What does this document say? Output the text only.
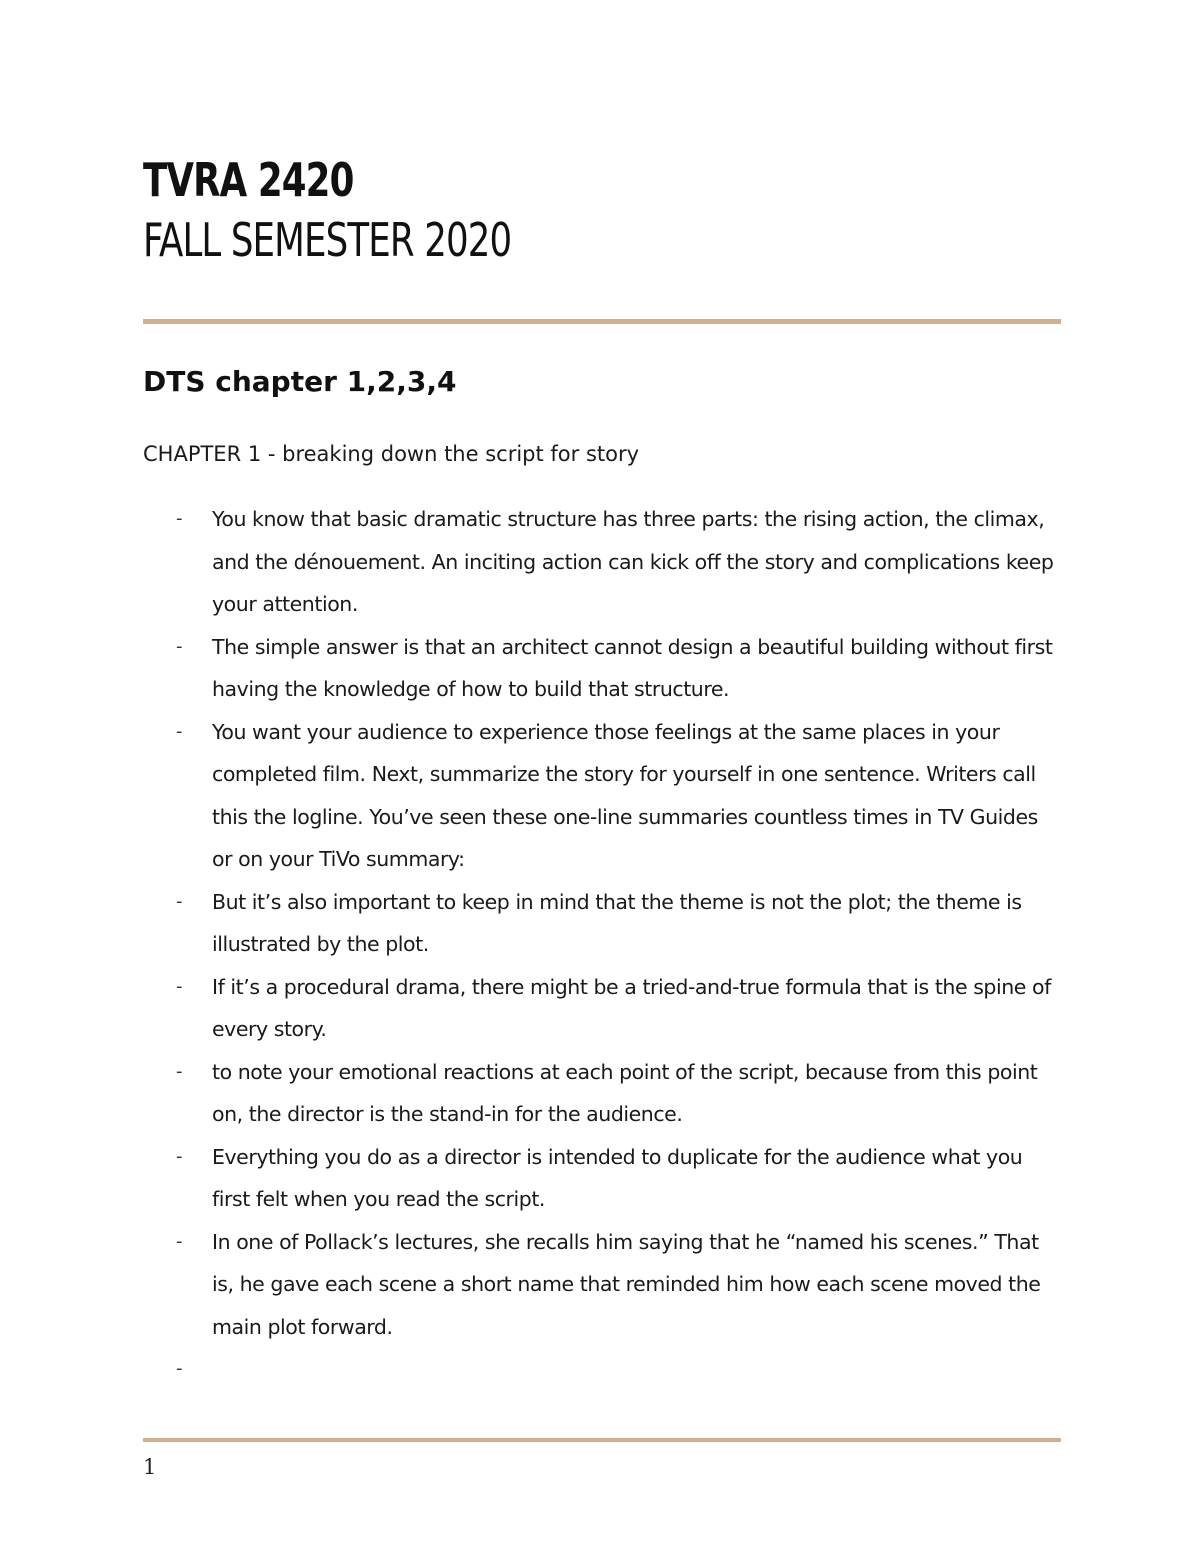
TVRA 2420
FALL SEMESTER 2020
DTS chapter 1,2,3,4
CHAPTER 1 - breaking down the script for story
- You know that basic dramatic structure has three parts: the rising action, the climax, and the dénouement. An inciting action can kick off the story and complications keep your attention.
- The simple answer is that an architect cannot design a beautiful building without first having the knowledge of how to build that structure.
- You want your audience to experience those feelings at the same places in your completed film. Next, summarize the story for yourself in one sentence. Writers call this the logline. You’ve seen these one-line summaries countless times in TV Guides or on your TiVo summary:
- But it’s also important to keep in mind that the theme is not the plot; the theme is illustrated by the plot.
- If it’s a procedural drama, there might be a tried-and-true formula that is the spine of every story.
- to note your emotional reactions at each point of the script, because from this point on, the director is the stand-in for the audience.
- Everything you do as a director is intended to duplicate for the audience what you first felt when you read the script.
- In one of Pollack’s lectures, she recalls him saying that he “named his scenes.” That is, he gave each scene a short name that reminded him how each scene moved the main plot forward.
-

1
